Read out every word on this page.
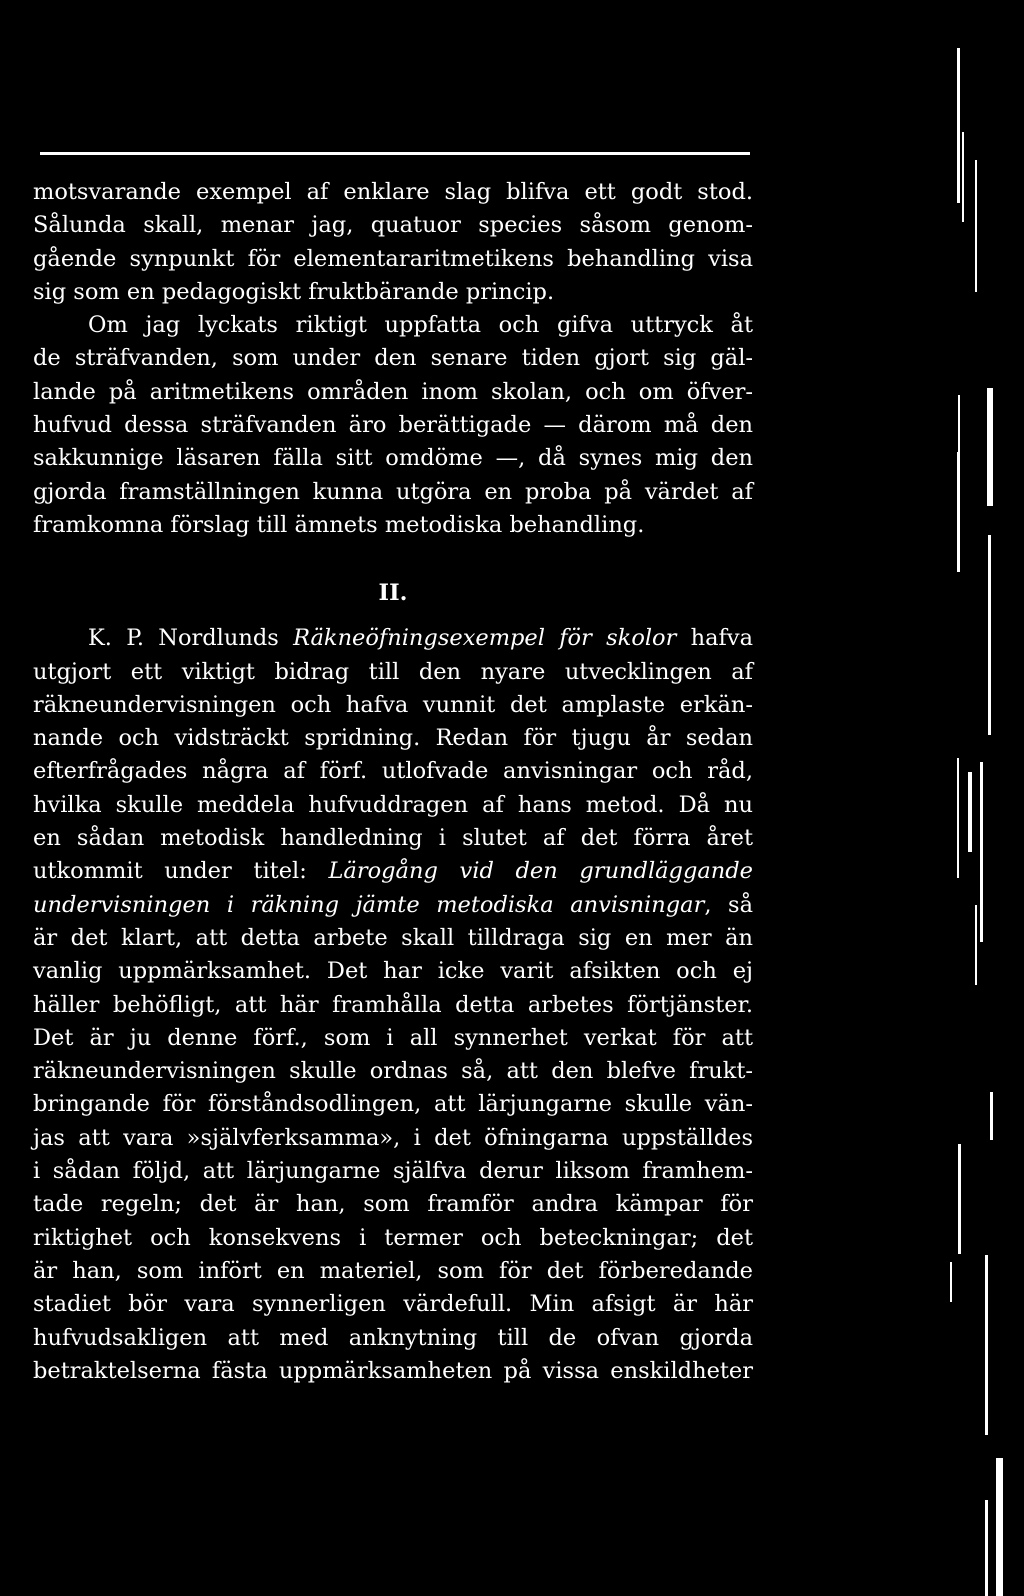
motsvarande exempel af enklare slag blifva ett godt stod.
Sålunda skall, menar jag, quatuor species såsom genom-
gående synpunkt för elementararitmetikens behandling visa
sig som en pedagogiskt fruktbärande princip.
Om jag lyckats riktigt uppfatta och gifva uttryck åt
de sträfvanden, som under den senare tiden gjort sig gäl-
lande på aritmetikens områden inom skolan, och om öfver-
hufvud dessa sträfvanden äro berättigade — därom må den
sakkunnige läsaren fälla sitt omdöme —, då synes mig den
gjorda framställningen kunna utgöra en proba på värdet af
framkomna förslag till ämnets metodiska behandling.
II.
K. P. Nordlunds Räkneöfningsexempel för skolor hafva
utgjort ett viktigt bidrag till den nyare utvecklingen af
räkneundervisningen och hafva vunnit det amplaste erkän-
nande och vidsträckt spridning. Redan för tjugu år sedan
efterfrågades några af förf. utlofvade anvisningar och råd,
hvilka skulle meddela hufvuddragen af hans metod. Då nu
en sådan metodisk handledning i slutet af det förra året
utkommit under titel: Lärogång vid den grundläggande
undervisningen i räkning jämte metodiska anvisningar, så
är det klart, att detta arbete skall tilldraga sig en mer än
vanlig uppmärksamhet. Det har icke varit afsikten och ej
häller behöfligt, att här framhålla detta arbetes förtjänster.
Det är ju denne förf., som i all synnerhet verkat för att
räkneundervisningen skulle ordnas så, att den blefve frukt-
bringande för förståndsodlingen, att lärjungarne skulle vän-
jas att vara »självferksamma», i det öfningarna uppställdes
i sådan följd, att lärjungarne själfva derur liksom framhem-
tade regeln; det är han, som framför andra kämpar för
riktighet och konsekvens i termer och beteckningar; det
är han, som infört en materiel, som för det förberedande
stadiet bör vara synnerligen värdefull. Min afsigt är här
hufvudsakligen att med anknytning till de ofvan gjorda
betraktelserna fästa uppmärksamheten på vissa enskildheter
